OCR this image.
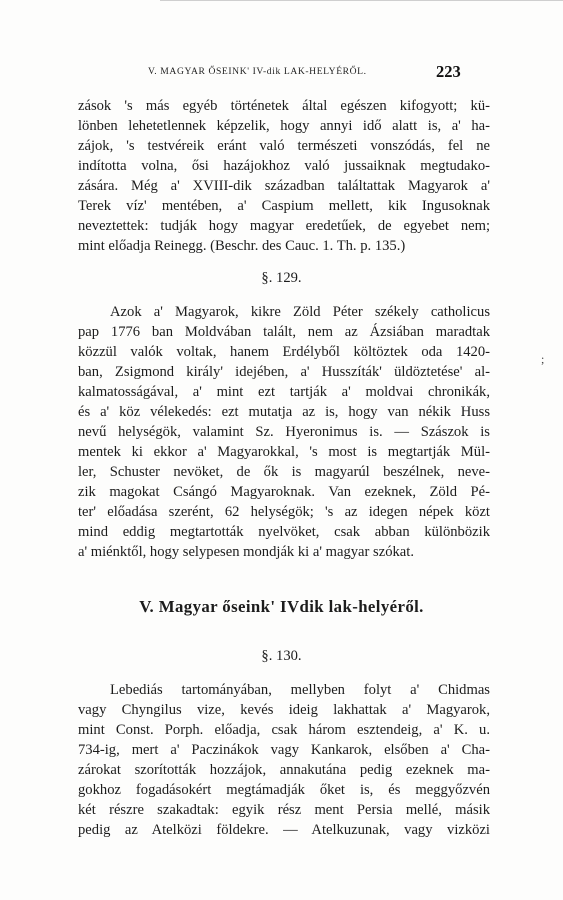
V. MAGYAR ŐSEINK' IV-dik LAK-HELYÉRŐL.	223
zások 's más egyéb történetek által egészen kifogyott; kü-
lönben lehetetlennek képzelik, hogy annyi idő alatt is, a' ha-
zájok, 's testvéreik eránt való természeti vonszódás, fel ne
indította volna, ősi hazájokhoz való jussaiknak megtudako-
zására. Még a' XVIII-dik században találtattak Magyarok a'
Terek víz' mentében, a' Caspium mellett, kik Ingusoknak
neveztettek: tudják hogy magyar eredetűek, de egyebet nem;
mint előadja Reinegg. (Beschr. des Cauc. 1. Th. p. 135.)
§. 129.
Azok a' Magyarok, kikre Zöld Péter székely catholicus
pap 1776 ban Moldvában talált, nem az Ázsiában maradtak
közzül valók voltak, hanem Erdélyből költöztek oda 1420-
ban, Zsigmond király' idejében, a' Husszíták' üldöztetése' al-
kalmatosságával, a' mint ezt tartják a' moldvai chronikák,
és a' köz vélekedés: ezt mutatja az is, hogy van nékik Huss
nevű helységök, valamint Sz. Hyeronimus is. — Szászok is
mentek ki ekkor a' Magyarokkal, 's most is megtartják Mül-
ler, Schuster nevöket, de ők is magyarúl beszélnek, neve-
zik magokat Csángó Magyaroknak. Van ezeknek, Zöld Pé-
ter' előadása szerént, 62 helységök; 's az idegen népek közt
mind eddig megtartották nyelvöket, csak abban különbözik
a' miénktől, hogy selypesen mondják ki a' magyar szókat.
V. Magyar őseink' IVdik lak-helyéről.
§. 130.
Lebediás tartományában, mellyben folyt a' Chidmas
vagy Chyngilus vize, kevés ideig lakhattak a' Magyarok,
mint Const. Porph. előadja, csak három esztendeig, a' K. u.
734-ig, mert a' Paczinákok vagy Kankarok, elsőben a' Cha-
zárokat szorították hozzájok, annakutána pedig ezeknek ma-
gokhoz fogadásokért megtámadják őket is, és meggyőzvén
két részre szakadtak: egyik rész ment Persia mellé, másik
pedig az Atelközi földekre. — Atelkuzunak, vagy vizközi
;
